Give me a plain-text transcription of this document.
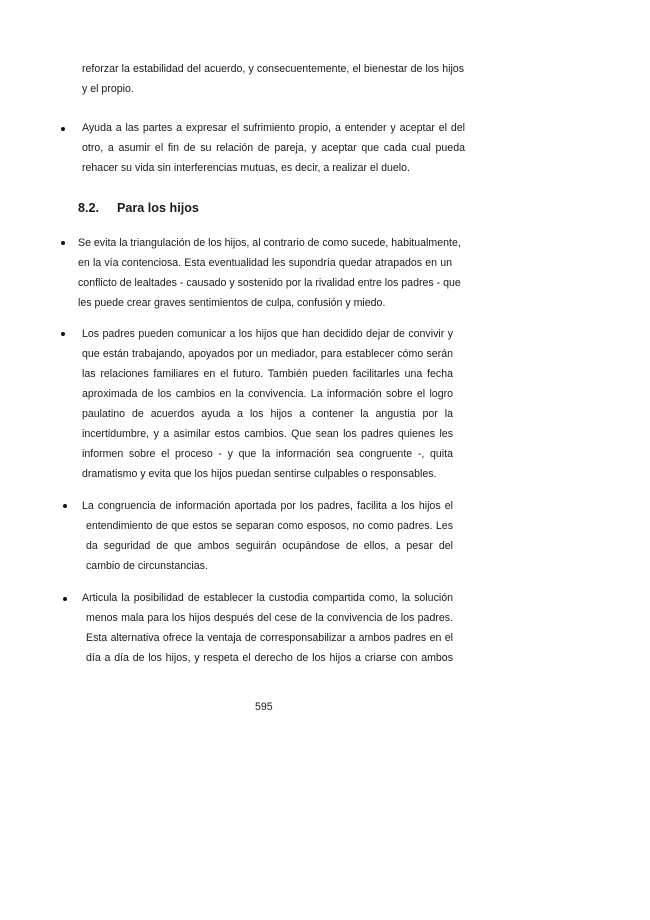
reforzar la estabilidad del acuerdo, y consecuentemente, el bienestar de los hijos
y el propio.
Ayuda a las partes a expresar el sufrimiento propio, a entender y aceptar el del
otro, a asumir el fin de su relación de pareja, y aceptar que cada cual pueda
rehacer su vida sin interferencias mutuas, es decir, a realizar el duelo.
8.2. Para los hijos
Se evita la triangulación de los hijos, al contrario de como sucede, habitualmente,
en la vía contenciosa. Esta eventualidad les supondría quedar atrapados en un
conflicto de lealtades - causado y sostenido por la rivalidad entre los padres - que
les puede crear graves sentimientos de culpa, confusión y miedo.
Los padres pueden comunicar a los hijos que han decidido dejar de convivir y
que están trabajando, apoyados por un mediador, para establecer cómo serán
las relaciones familiares en el futuro. También pueden facilitarles una fecha
aproximada de los cambios en la convivencia. La información sobre el logro
paulatino de acuerdos ayuda a los hijos a contener la angustia por la
incertidumbre, y a asimilar estos cambios. Que sean los padres quienes les
informen sobre el proceso - y que la información sea congruente -, quita
dramatismo y evita que los hijos puedan sentirse culpables o responsables.
La congruencia de información aportada por los padres, facilita a los hijos el
entendimiento de que estos se separan como esposos, no como padres. Les
da seguridad de que ambos seguirán ocupándose de ellos, a pesar del
cambio de circunstancias.
Articula la posibilidad de establecer la custodia compartida como, la solución
menos mala para los hijos después del cese de la convivencia de los padres.
Esta alternativa ofrece la ventaja de corresponsabilizar a ambos padres en el
día a día de los hijos, y respeta el derecho de los hijos a criarse con ambos
595
